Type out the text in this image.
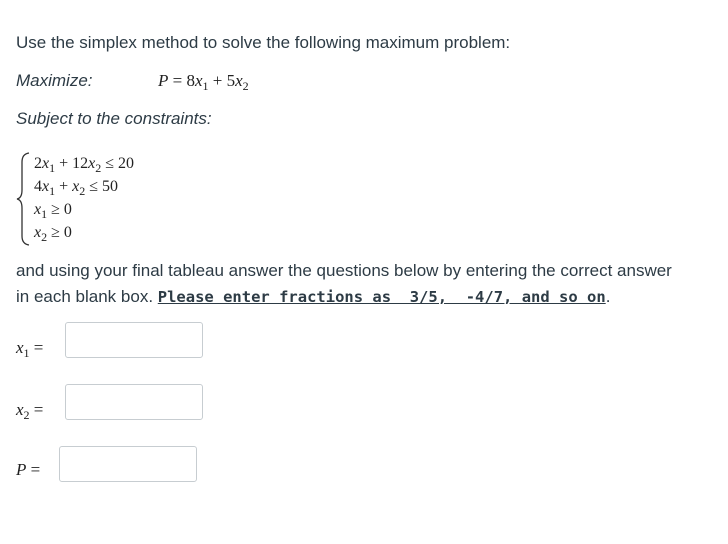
Use the simplex method to solve the following maximum problem:
Maximize:	$P = 8x_1 + 5x_2$
Subject to the constraints:
$2x_1 + 12x_2 \le 20$
$4x_1 + x_2 \le 50$
$x_1 \ge 0$
$x_2 \ge 0$
and using your final tableau answer the questions below by entering the correct answer
in each blank box. Please enter fractions as  3/5,  -4/7, and so on.
$x_1$ =
$x_2$ =
P =
